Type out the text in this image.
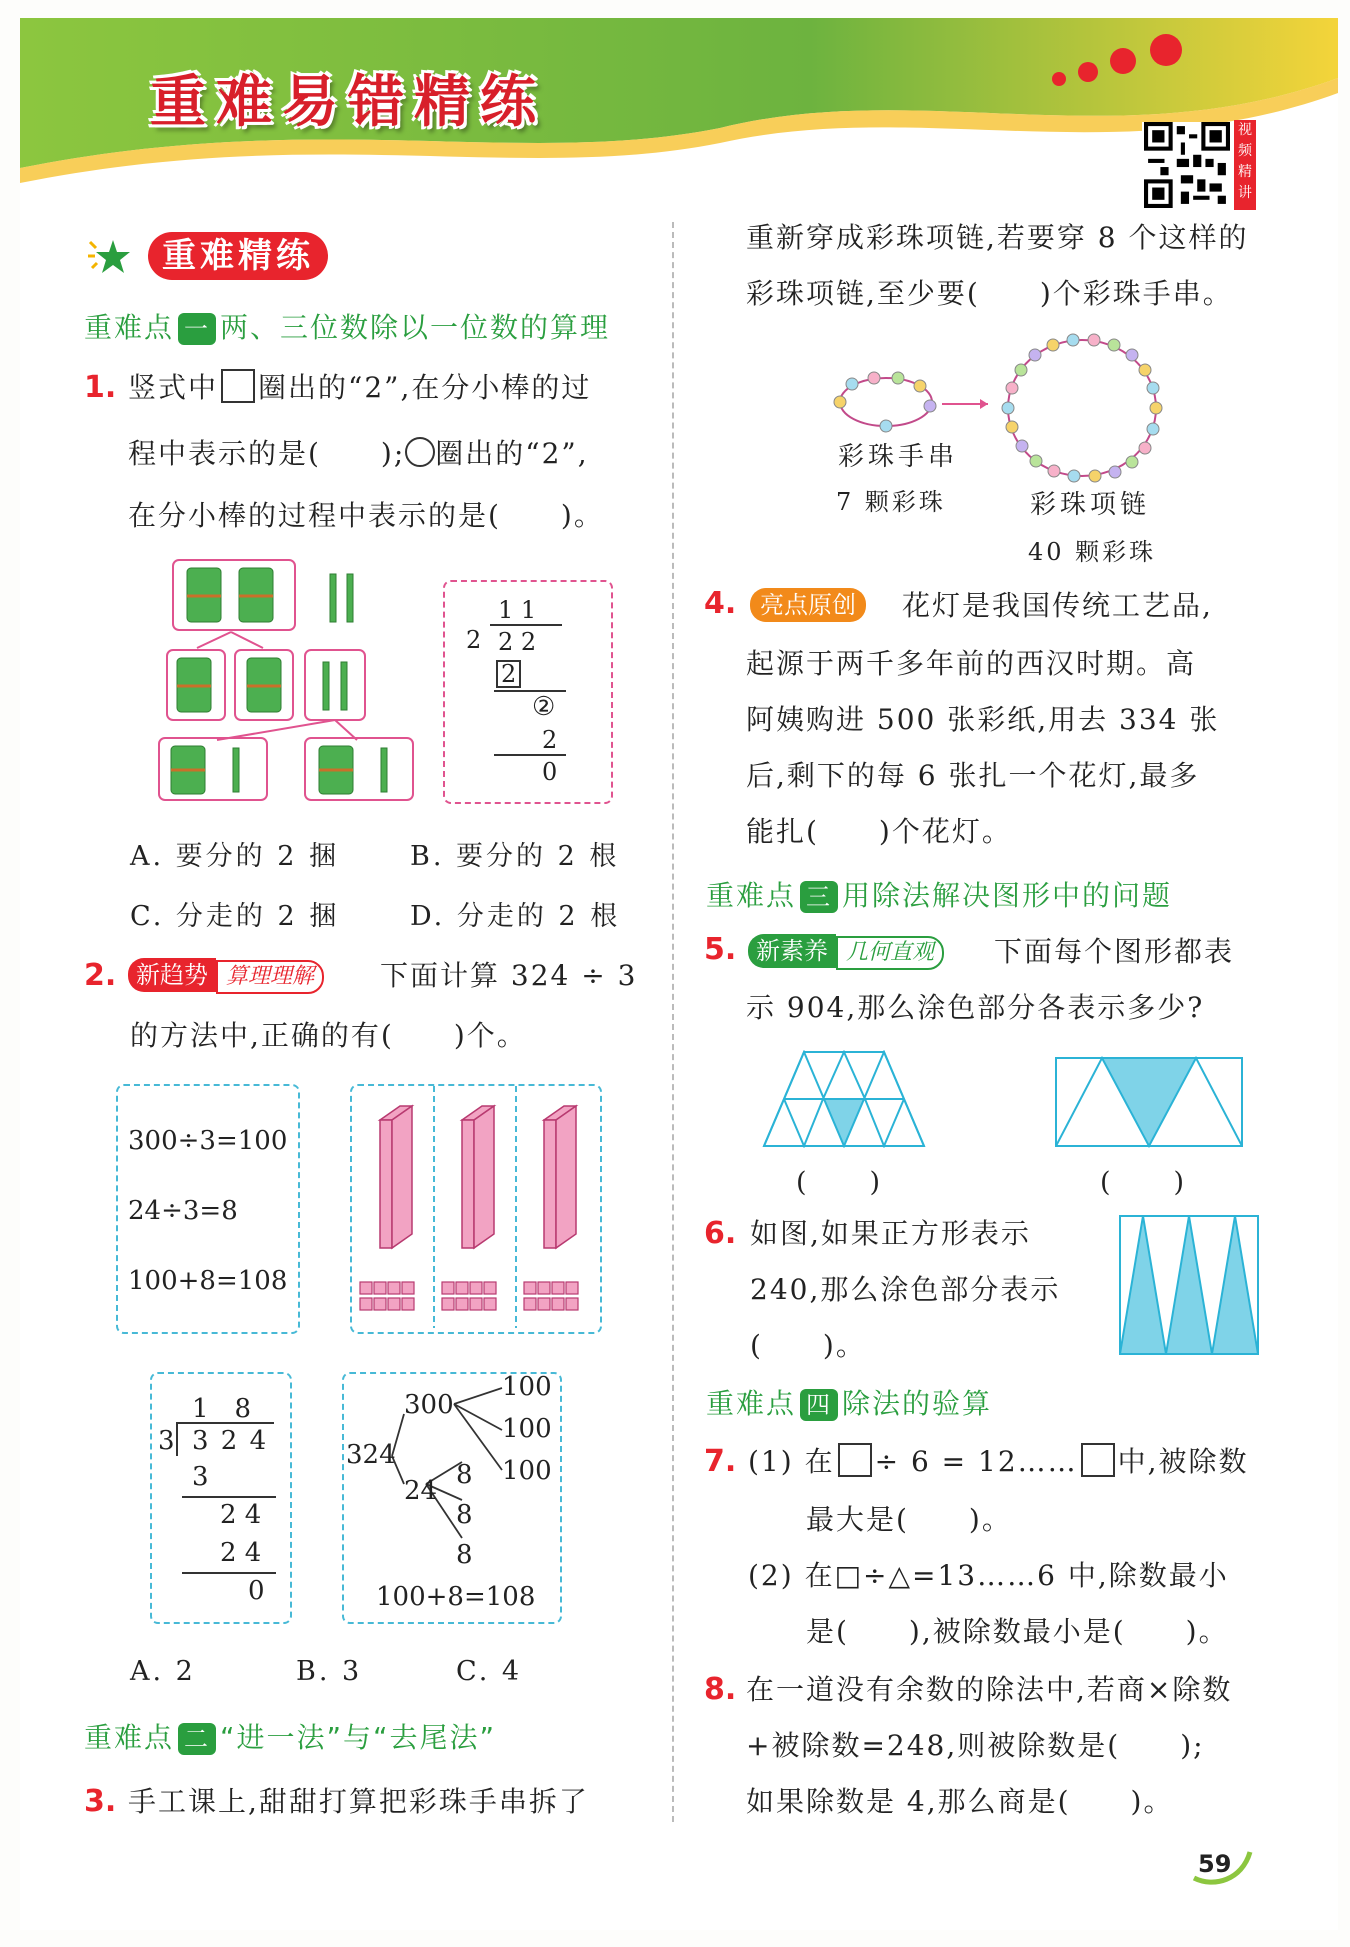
重难易错精练	视频精讲
重难精练
重难点 一 两、三位数除以一位数的算理
1. 竖式中 圈出的“2”,在分小棒的过
程中表示的是(　　); 圈出的“2”,
在分小棒的过程中表示的是(　　)。
1 1
2 2 2
2
②
2
0
A. 要分的 2 捆	B. 要分的 2 根
C. 分走的 2 捆	D. 分走的 2 根
2. 新趋势 算理理解	下面计算 324 ÷ 3
的方法中,正确的有(　　)个。
300÷3=100
24÷3=8
100+8=108
1　8
3 3 2 4
3
2 4
2 4
0
324
300
24
100
100
100
8
8
8
100+8=108
A. 2	B. 3	C. 4
重难点 二 “进一法”与“去尾法”
3. 手工课上,甜甜打算把彩珠手串拆了
重新穿成彩珠项链,若要穿 8 个这样的
彩珠项链,至少要(　　)个彩珠手串。
彩珠手串
7 颗彩珠	彩珠项链
40 颗彩珠
4. 亮点原创	花灯是我国传统工艺品,
起源于两千多年前的西汉时期。高
阿姨购进 500 张彩纸,用去 334 张
后,剩下的每 6 张扎一个花灯,最多
能扎(　　)个花灯。
重难点 三 用除法解决图形中的问题
5. 新素养 几何直观	下面每个图形都表
示 904,那么涂色部分各表示多少?
(　　)	(　　)
6. 如图,如果正方形表示
240,那么涂色部分表示
(　　)。
重难点 四 除法的验算
7. (1) 在 ÷ 6 = 12…… 中,被除数
最大是(　　)。
(2) 在□÷△=13……6 中,除数最小
是(　　),被除数最小是(　　)。
8. 在一道没有余数的除法中,若商×除数
+被除数=248,则被除数是(　　);
如果除数是 4,那么商是(　　)。
59
